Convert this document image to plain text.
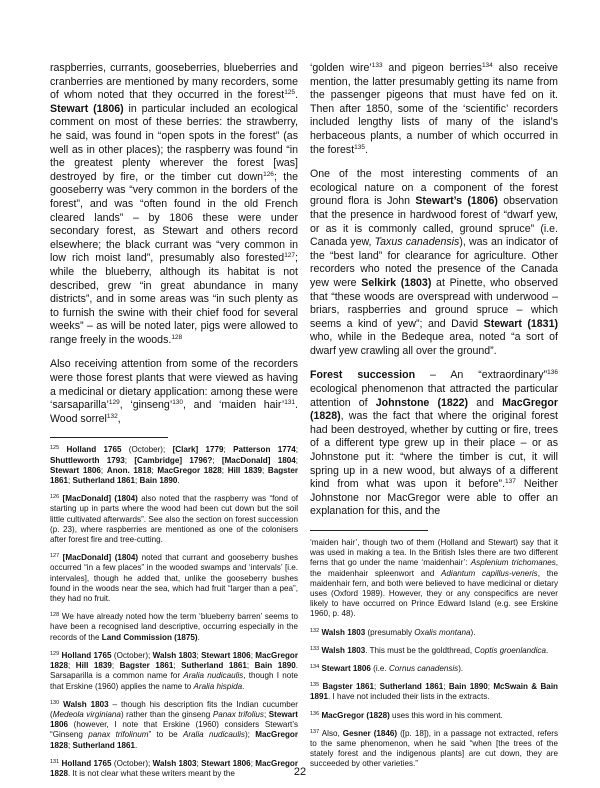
raspberries, currants, gooseberries, blueberries and cranberries are mentioned by many recorders, some of whom noted that they occurred in the forest$^{125}$. Stewart (1806) in particular included an ecological comment on most of these berries: the strawberry, he said, was found in “open spots in the forest” (as well as in other places); the raspberry was found “in the greatest plenty wherever the forest [was] destroyed by fire, or the timber cut down$^{126}$; the gooseberry was “very common in the borders of the forest”, and was “often found in the old French cleared lands” – by 1806 these were under secondary forest, as Stewart and others record elsewhere; the black currant was “very common in low rich moist land”, presumably also forested$^{127}$; while the blueberry, although its habitat is not described, grew “in great abundance in many districts”, and in some areas was “in such plenty as to furnish the swine with their chief food for several weeks” – as will be noted later, pigs were allowed to range freely in the woods.$^{128}$

Also receiving attention from some of the recorders were those forest plants that were viewed as having a medicinal or dietary application: among these were ‘sarsaparilla’$^{129}$, ‘ginseng’$^{130}$, and ‘maiden hair’$^{131}$. Wood sorrel$^{132}$,

$^{125}$ Holland 1765 (October); [Clark] 1779; Patterson 1774; Shuttleworth 1793; [Cambridge] 1796?; [MacDonald] 1804; Stewart 1806; Anon. 1818; MacGregor 1828; Hill 1839; Bagster 1861; Sutherland 1861; Bain 1890.

$^{126}$ [MacDonald] (1804) also noted that the raspberry was “fond of starting up in parts where the wood had been cut down but the soil little cultivated afterwards”. See also the section on forest succession (p. 23), where raspberries are mentioned as one of the colonisers after forest fire and tree-cutting.

$^{127}$ [MacDonald] (1804) noted that currant and gooseberry bushes occurred “in a few places” in the wooded swamps and ‘intervals’ [i.e. intervales], though he added that, unlike the gooseberry bushes found in the woods near the sea, which had fruit “larger than a pea”, they had no fruit.

$^{128}$ We have already noted how the term ‘blueberry barren’ seems to have been a recognised land descriptive, occurring especially in the records of the Land Commission (1875).

$^{129}$ Holland 1765 (October); Walsh 1803; Stewart 1806; MacGregor 1828; Hill 1839; Bagster 1861; Sutherland 1861; Bain 1890. Sarsaparilla is a common name for Aralia nudicaulis, though I note that Erskine (1960) applies the name to Aralia hispida.

$^{130}$ Walsh 1803 – though his description fits the Indian cucumber (Medeola virginiana) rather than the ginseng Panax trifolius; Stewart 1806 (however, I note that Erskine (1960) considers Stewart’s “Ginseng panax trifolinum” to be Aralia nudicaulis); MacGregor 1828; Sutherland 1861.

$^{131}$ Holland 1765 (October); Walsh 1803; Stewart 1806; MacGregor 1828. It is not clear what these writers meant by the

‘golden wire’$^{133}$ and pigeon berries$^{134}$ also receive mention, the latter presumably getting its name from the passenger pigeons that must have fed on it. Then after 1850, some of the ‘scientific’ recorders included lengthy lists of many of the island’s herbaceous plants, a number of which occurred in the forest$^{135}$.

One of the most interesting comments of an ecological nature on a component of the forest ground flora is John Stewart’s (1806) observation that the presence in hardwood forest of “dwarf yew, or as it is commonly called, ground spruce” (i.e. Canada yew, Taxus canadensis), was an indicator of the “best land” for clearance for agriculture. Other recorders who noted the presence of the Canada yew were Selkirk (1803) at Pinette, who observed that “these woods are overspread with underwood – briars, raspberries and ground spruce – which seems a kind of yew”; and David Stewart (1831) who, while in the Bedeque area, noted “a sort of dwarf yew crawling all over the ground”.

Forest succession – An “extraordinary”$^{136}$ ecological phenomenon that attracted the particular attention of Johnstone (1822) and MacGregor (1828), was the fact that where the original forest had been destroyed, whether by cutting or fire, trees of a different type grew up in their place – or as Johnstone put it: “where the timber is cut, it will spring up in a new wood, but always of a different kind from what was upon it before”.$^{137}$ Neither Johnstone nor MacGregor were able to offer an explanation for this, and the

‘maiden hair’, though two of them (Holland and Stewart) say that it was used in making a tea. In the British Isles there are two different ferns that go under the name ‘maidenhair’: Asplenium trichomanes, the maidenhair spleenwort and Adiantum capillus-veneris, the maidenhair fern, and both were believed to have medicinal or dietary uses (Oxford 1989). However, they or any conspecifics are never likely to have occurred on Prince Edward Island (e.g. see Erskine 1960, p. 48).

$^{132}$ Walsh 1803 (presumably Oxalis montana).

$^{133}$ Walsh 1803. This must be the goldthread, Coptis groenlandica.

$^{134}$ Stewart 1806 (i.e. Cornus canadensis).

$^{135}$ Bagster 1861; Sutherland 1861; Bain 1890; McSwain & Bain 1891. I have not included their lists in the extracts.

$^{136}$ MacGregor (1828) uses this word in his comment.

$^{137}$ Also, Gesner (1846) ([p. 18]), in a passage not extracted, refers to the same phenomenon, when he said “when [the trees of the stately forest and the indigenous plants] are cut down, they are succeeded by other varieties.”

22
